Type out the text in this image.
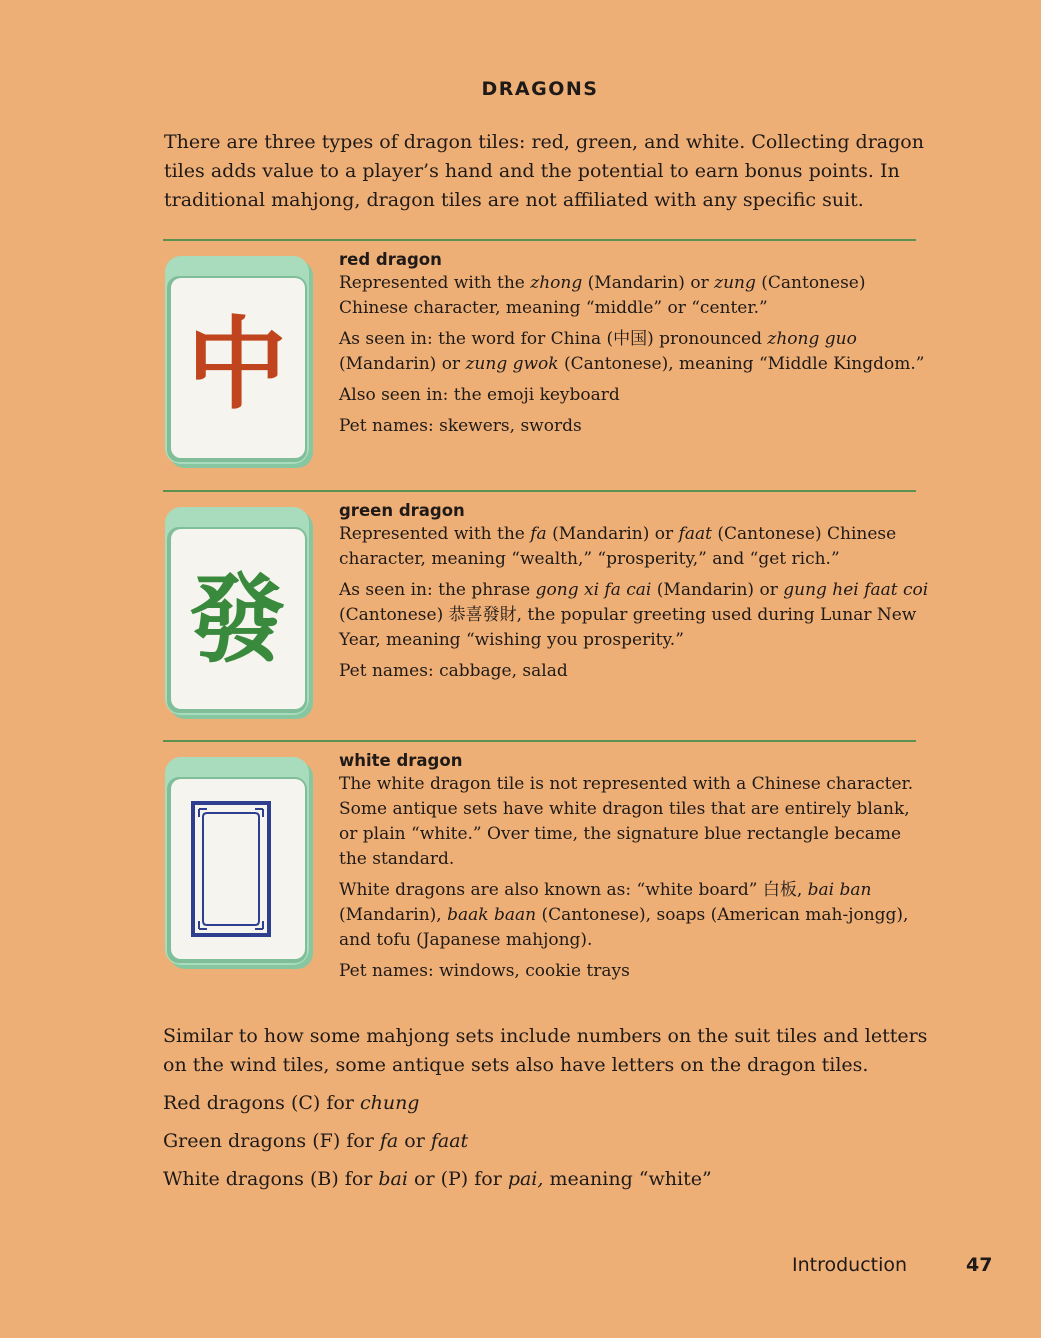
DRAGONS

There are three types of dragon tiles: red, green, and white. Collecting dragon tiles adds value to a player’s hand and the potential to earn bonus points. In traditional mahjong, dragon tiles are not affiliated with any specific suit.

中
red dragon

Represented with the zhong (Mandarin) or zung (Cantonese) Chinese character, meaning “middle” or “center.”

As seen in: the word for China (中国) pronounced zhong guo (Mandarin) or zung gwok (Cantonese), meaning “Middle Kingdom.”

Also seen in: the emoji keyboard

Pet names: skewers, swords

發
green dragon

Represented with the fa (Mandarin) or faat (Cantonese) Chinese character, meaning “wealth,” “prosperity,” and “get rich.”

As seen in: the phrase gong xi fa cai (Mandarin) or gung hei faat coi (Cantonese) 恭喜發財, the popular greeting used during Lunar New Year, meaning “wishing you prosperity.”

Pet names: cabbage, salad

white dragon

The white dragon tile is not represented with a Chinese character. Some antique sets have white dragon tiles that are entirely blank, or plain “white.” Over time, the signature blue rectangle became the standard.

White dragons are also known as: “white board” 白板, bai ban (Mandarin), baak baan (Cantonese), soaps (American mah-jongg), and tofu (Japanese mahjong).

Pet names: windows, cookie trays

Similar to how some mahjong sets include numbers on the suit tiles and letters on the wind tiles, some antique sets also have letters on the dragon tiles.

Red dragons (C) for chung

Green dragons (F) for fa or faat

White dragons (B) for bai or (P) for pai, meaning “white”

Introduction	47
